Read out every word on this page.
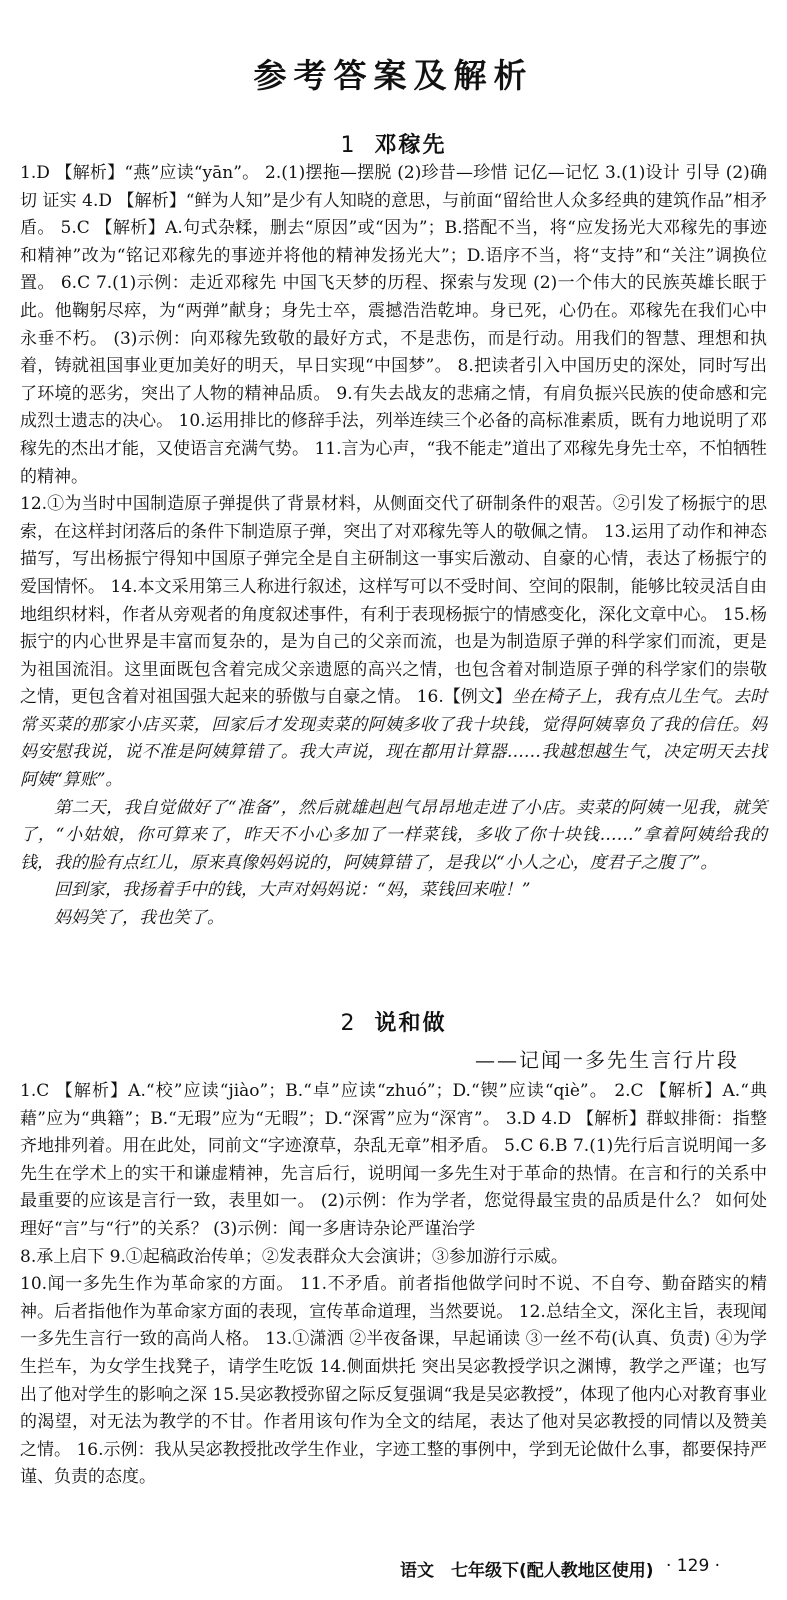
参考答案及解析
1 邓稼先

1.D 【解析】“燕”应读“yān”。 2.(1)摆拖—摆脱 (2)珍昔—珍惜 记亿—记忆 3.(1)设计 引导 (2)确切 证实 4.D 【解析】“鲜为人知”是少有人知晓的意思，与前面“留给世人众多经典的建筑作品”相矛盾。 5.C 【解析】A.句式杂糅，删去“原因”或“因为”；B.搭配不当，将“应发扬光大邓稼先的事迹和精神”改为“铭记邓稼先的事迹并将他的精神发扬光大”；D.语序不当，将“支持”和“关注”调换位置。 6.C 7.(1)示例：走近邓稼先 中国飞天梦的历程、探索与发现 (2)一个伟大的民族英雄长眠于此。他鞠躬尽瘁，为“两弹”献身；身先士卒，震撼浩浩乾坤。身已死，心仍在。邓稼先在我们心中永垂不朽。 (3)示例：向邓稼先致敬的最好方式，不是悲伤，而是行动。用我们的智慧、理想和执着，铸就祖国事业更加美好的明天，早日实现“中国梦”。 8.把读者引入中国历史的深处，同时写出了环境的恶劣，突出了人物的精神品质。 9.有失去战友的悲痛之情，有肩负振兴民族的使命感和完成烈士遗志的决心。 10.运用排比的修辞手法，列举连续三个必备的高标准素质，既有力地说明了邓稼先的杰出才能，又使语言充满气势。 11.言为心声，“我不能走”道出了邓稼先身先士卒，不怕牺牲的精神。

12.①为当时中国制造原子弹提供了背景材料，从侧面交代了研制条件的艰苦。②引发了杨振宁的思索，在这样封闭落后的条件下制造原子弹，突出了对邓稼先等人的敬佩之情。 13.运用了动作和神态描写，写出杨振宁得知中国原子弹完全是自主研制这一事实后激动、自豪的心情，表达了杨振宁的爱国情怀。 14.本文采用第三人称进行叙述，这样写可以不受时间、空间的限制，能够比较灵活自由地组织材料，作者从旁观者的角度叙述事件，有利于表现杨振宁的情感变化，深化文章中心。 15.杨振宁的内心世界是丰富而复杂的，是为自己的父亲而流，也是为制造原子弹的科学家们而流，更是为祖国流泪。这里面既包含着完成父亲遗愿的高兴之情，也包含着对制造原子弹的科学家们的崇敬之情，更包含着对祖国强大起来的骄傲与自豪之情。 16.【例文】坐在椅子上，我有点儿生气。去时常买菜的那家小店买菜，回家后才发现卖菜的阿姨多收了我十块钱，觉得阿姨辜负了我的信任。妈妈安慰我说，说不准是阿姨算错了。我大声说，现在都用计算器……我越想越生气，决定明天去找阿姨“算账”。

第二天，我自觉做好了“准备”，然后就雄赳赳气昂昂地走进了小店。卖菜的阿姨一见我，就笑了，“小姑娘，你可算来了，昨天不小心多加了一样菜钱，多收了你十块钱……”拿着阿姨给我的钱，我的脸有点红儿，原来真像妈妈说的，阿姨算错了，是我以“小人之心，度君子之腹了”。

回到家，我扬着手中的钱，大声对妈妈说：“妈，菜钱回来啦！”

妈妈笑了，我也笑了。

2 说和做
——记闻一多先生言行片段

1.C 【解析】A.“校”应读“jiào”；B.“卓”应读“zhuó”；D.“锲”应读“qiè”。 2.C 【解析】A.“典藉”应为“典籍”；B.“无瑕”应为“无暇”；D.“深霄”应为“深宵”。 3.D 4.D 【解析】群蚁排衙：指整齐地排列着。用在此处，同前文“字迹潦草，杂乱无章”相矛盾。 5.C 6.B 7.(1)先行后言说明闻一多先生在学术上的实干和谦虚精神，先言后行，说明闻一多先生对于革命的热情。在言和行的关系中最重要的应该是言行一致，表里如一。 (2)示例：作为学者，您觉得最宝贵的品质是什么？ 如何处理好“言”与“行”的关系？ (3)示例：闻一多唐诗杂论严谨治学

8.承上启下 9.①起稿政治传单；②发表群众大会演讲；③参加游行示威。

10.闻一多先生作为革命家的方面。 11.不矛盾。前者指他做学问时不说、不自夸、勤奋踏实的精神。后者指他作为革命家方面的表现，宣传革命道理，当然要说。 12.总结全文，深化主旨，表现闻一多先生言行一致的高尚人格。 13.①潇洒 ②半夜备课，早起诵读 ③一丝不苟(认真、负责) ④为学生拦车，为女学生找凳子，请学生吃饭 14.侧面烘托 突出吴宓教授学识之渊博，教学之严谨；也写出了他对学生的影响之深 15.吴宓教授弥留之际反复强调“我是吴宓教授”，体现了他内心对教育事业的渴望，对无法为教学的不甘。作者用该句作为全文的结尾，表达了他对吴宓教授的同情以及赞美之情。 16.示例：我从吴宓教授批改学生作业，字迹工整的事例中，学到无论做什么事，都要保持严谨、负责的态度。

语文　七年级下(配人教地区使用) · 129 ·
